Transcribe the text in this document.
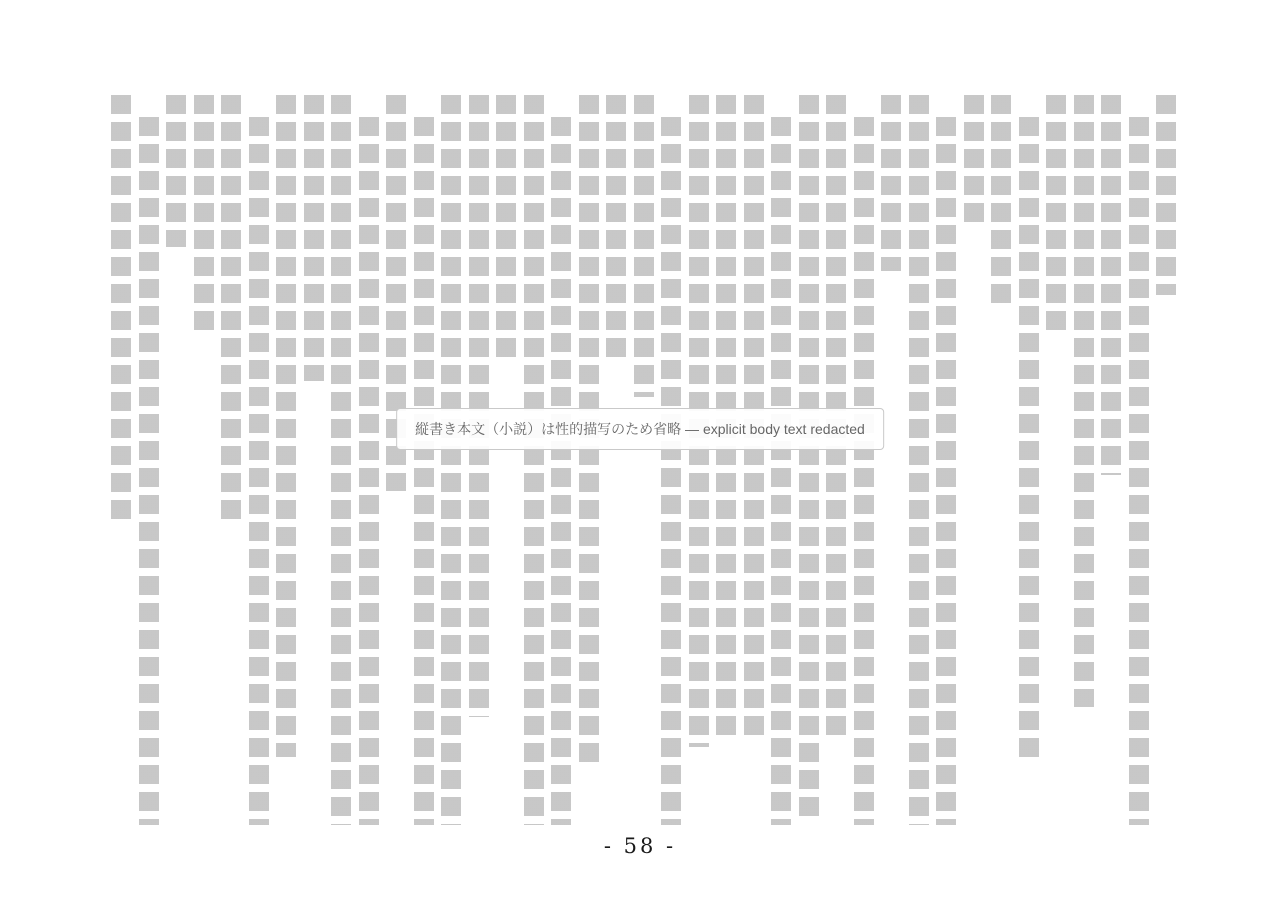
縦書き本文（小説）は性的描写のため省略 — explicit body text redacted
- 58 -
